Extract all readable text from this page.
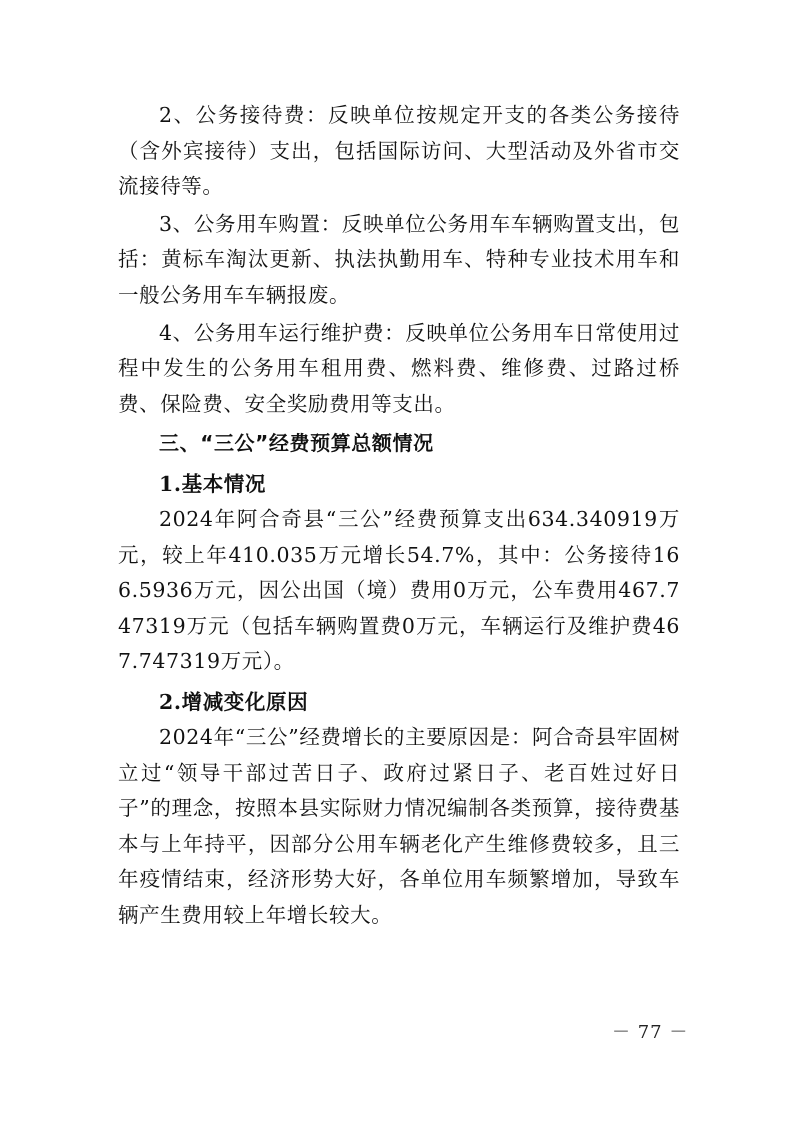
2、公务接待费：反映单位按规定开支的各类公务接待（含外宾接待）支出，包括国际访问、大型活动及外省市交流接待等。

3、公务用车购置：反映单位公务用车车辆购置支出，包括：黄标车淘汰更新、执法执勤用车、特种专业技术用车和一般公务用车车辆报废。

4、公务用车运行维护费：反映单位公务用车日常使用过程中发生的公务用车租用费、燃料费、维修费、过路过桥费、保险费、安全奖励费用等支出。

三、“三公”经费预算总额情况

1.基本情况

2024年阿合奇县“三公”经费预算支出634.340919万元，较上年410.035万元增长54.7%，其中：公务接待166.5936万元，因公出国（境）费用0万元，公车费用467.747319万元（包括车辆购置费0万元，车辆运行及维护费467.747319万元）。

2.增减变化原因

2024年“三公”经费增长的主要原因是：阿合奇县牢固树立过“领导干部过苦日子、政府过紧日子、老百姓过好日子”的理念，按照本县实际财力情况编制各类预算，接待费基本与上年持平，因部分公用车辆老化产生维修费较多，且三年疫情结束，经济形势大好，各单位用车频繁增加，导致车辆产生费用较上年增长较大。

－ 77 －
